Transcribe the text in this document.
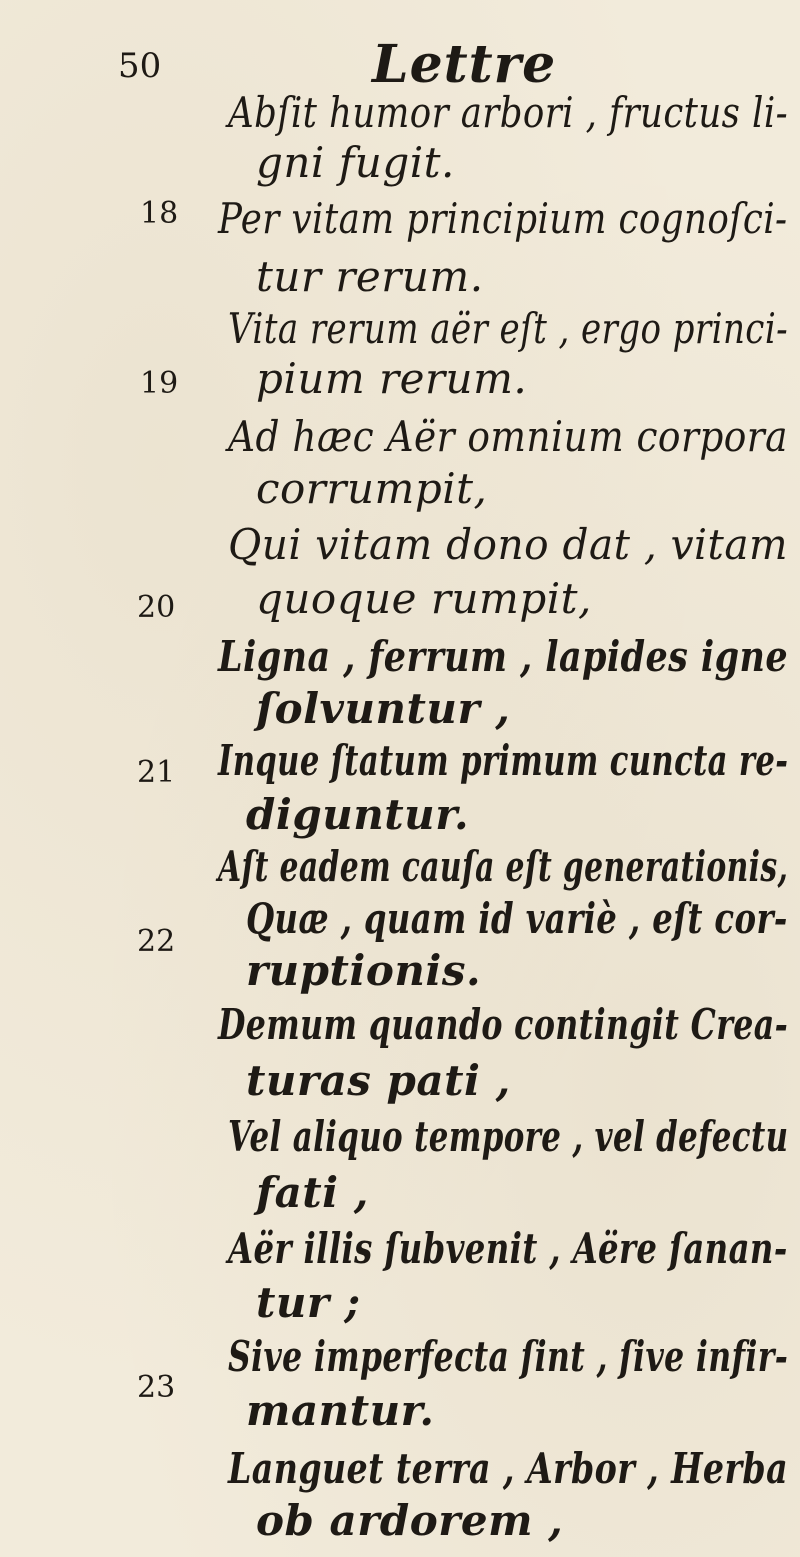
50	Lettre
18
19
20
21
22
23
Abſit humor arbori , fructus li-
gni fugit.
Per vitam principium cognoſci-
tur rerum.
Vita rerum aër eſt , ergo princi-
pium rerum.
Ad hæc Aër omnium corpora
corrumpit,
Qui vitam dono dat , vitam
quoque rumpit,
Ligna , ferrum , lapides igne
ſolvuntur ,
Inque ſtatum primum cuncta re-
diguntur.
Aſt eadem cauſa eſt generationis,
Quæ , quam id variè , eſt cor-
ruptionis.
Demum quando contingit Crea-
turas pati ,
Vel aliquo tempore , vel defectu
fati ,
Aër illis ſubvenit , Aëre ſanan-
tur ;
Sive imperfecta ſint , ſive infir-
mantur.
Languet terra , Arbor , Herba
ob ardorem ,
